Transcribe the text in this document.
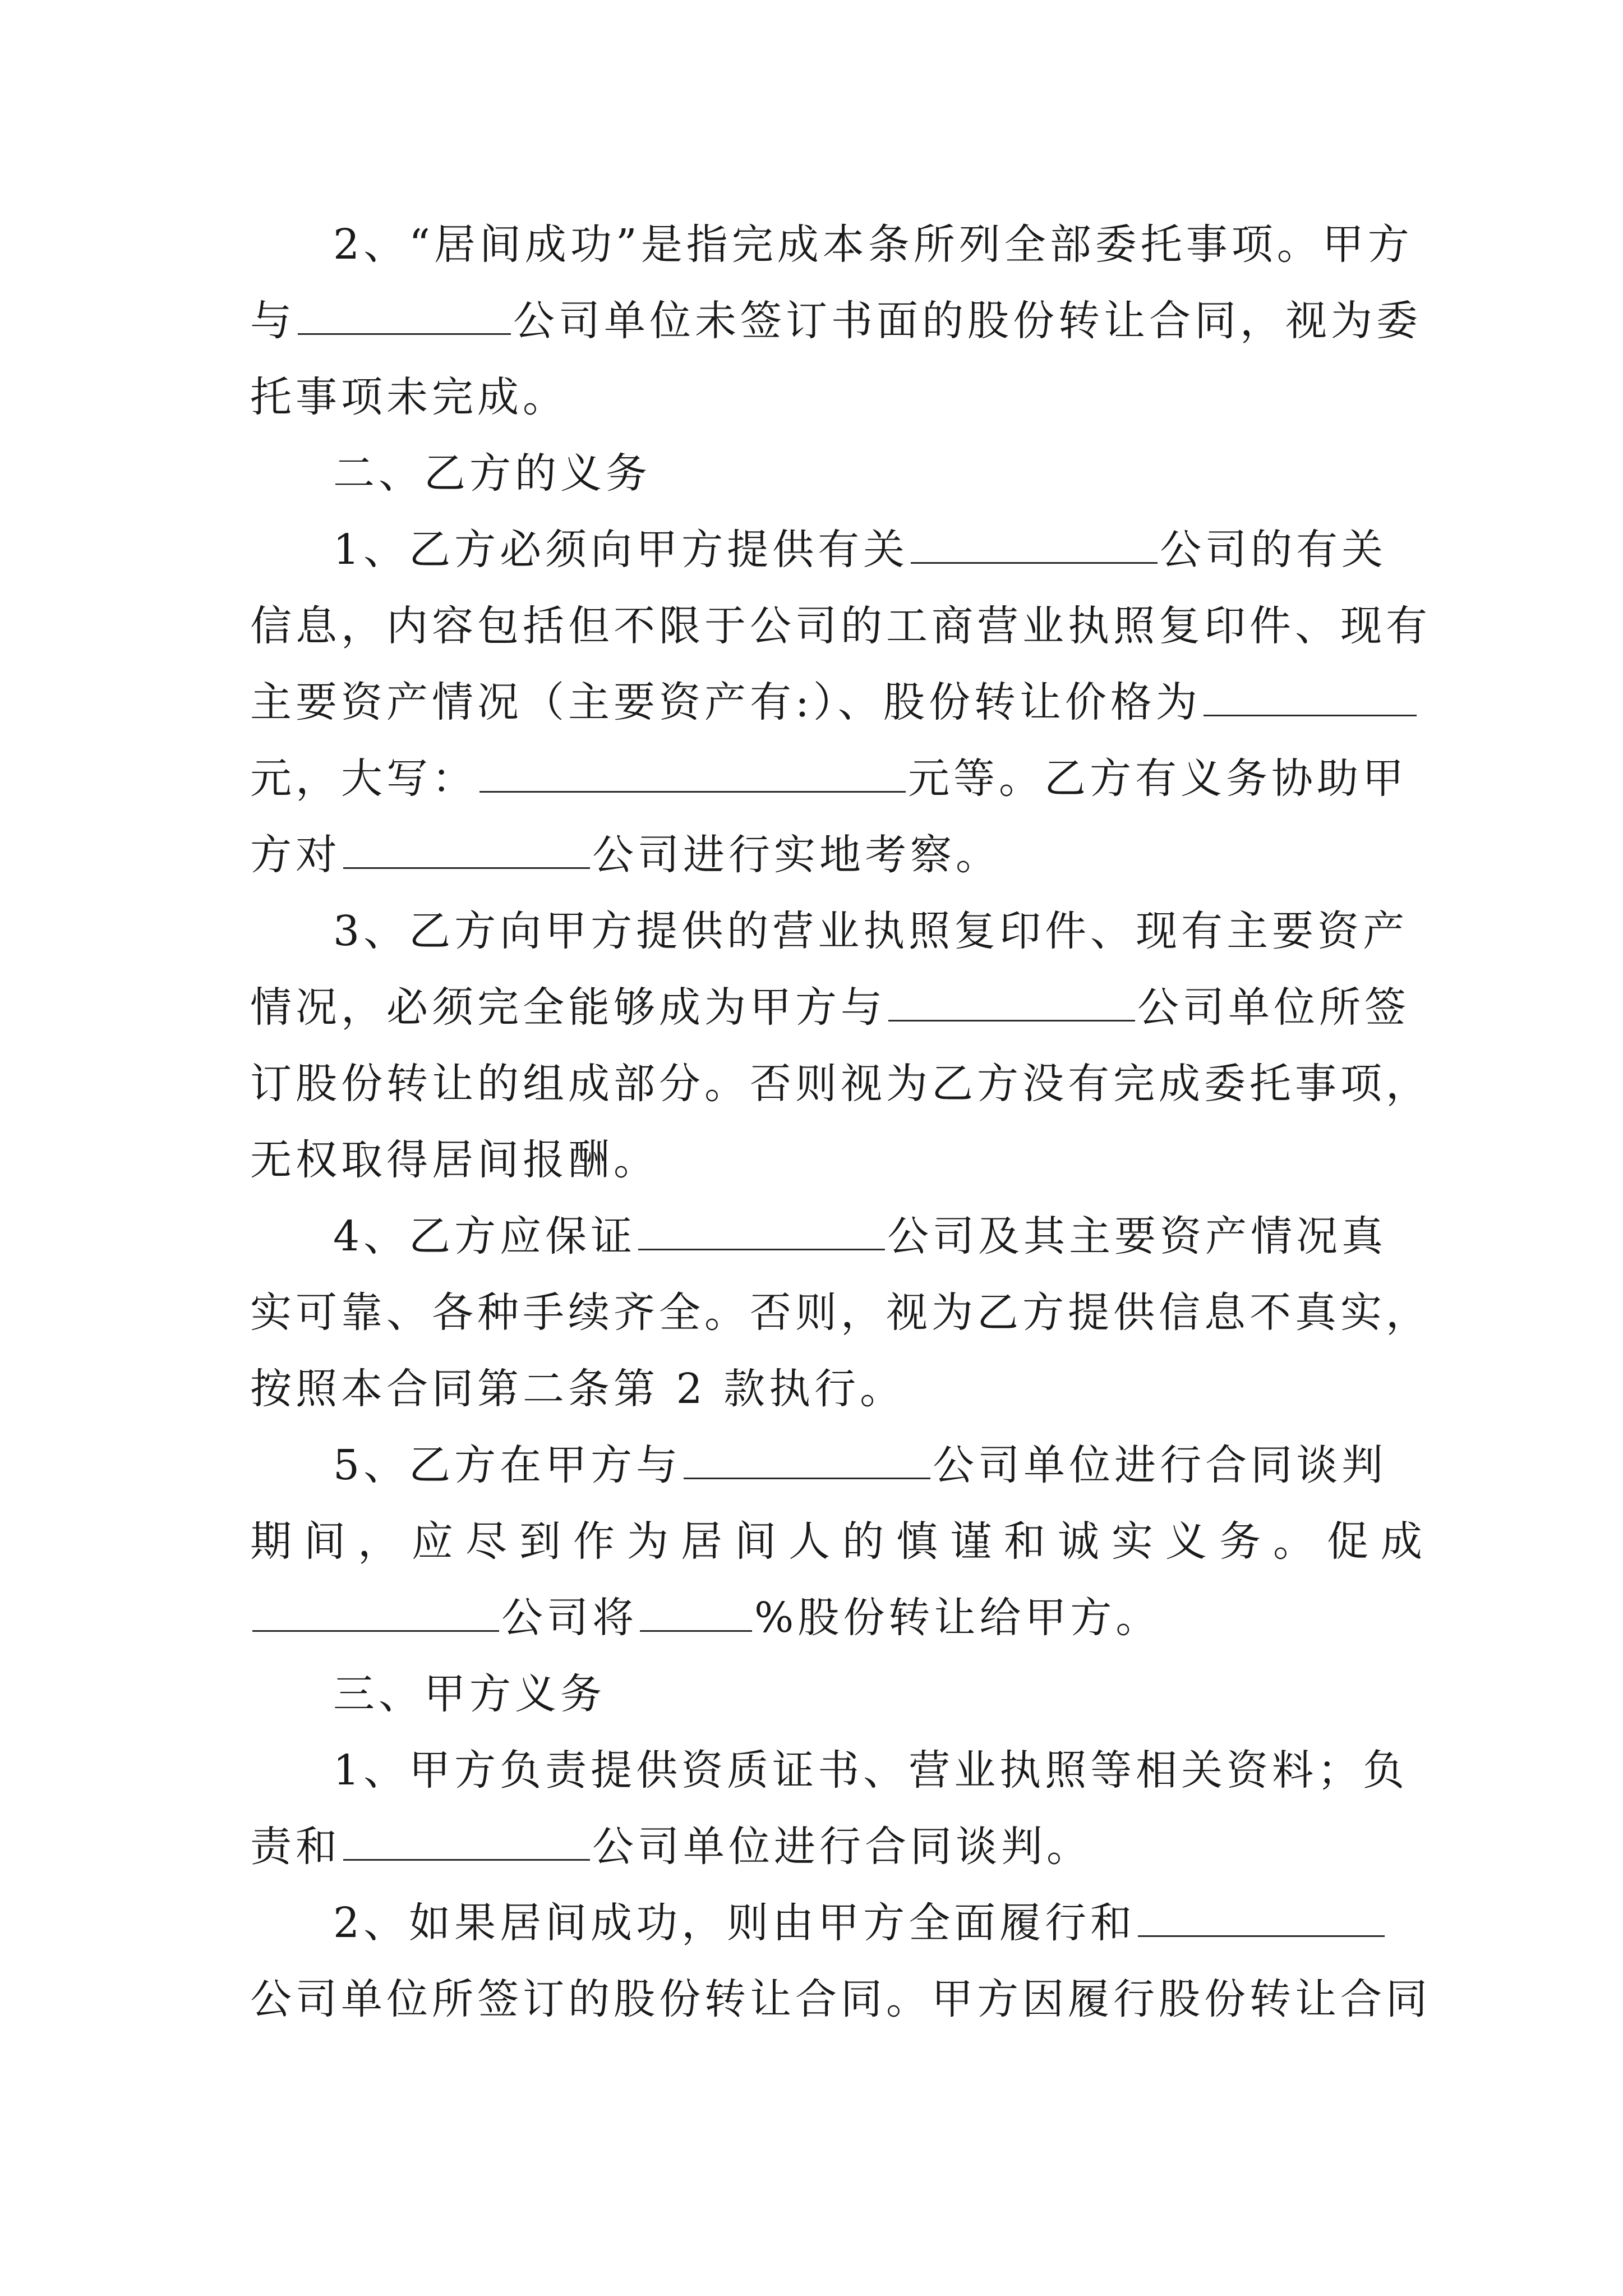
2、“居间成功”是指完成本条所列全部委托事项。甲方
与	公司单位未签订书面的股份转让合同，视为委
托事项未完成。
二、乙方的义务
1、乙方必须向甲方提供有关	公司的有关
信息，内容包括但不限于公司的工商营业执照复印件、现有
主要资产情况（主要资产有:）、股份转让价格为
元，大写：	元等。乙方有义务协助甲
方对	公司进行实地考察。
3、乙方向甲方提供的营业执照复印件、现有主要资产
情况，必须完全能够成为甲方与	公司单位所签
订股份转让的组成部分。否则视为乙方没有完成委托事项，
无权取得居间报酬。
4、乙方应保证	公司及其主要资产情况真
实可靠、各种手续齐全。否则，视为乙方提供信息不真实，
按照本合同第二条第 2 款执行。
5、乙方在甲方与	公司单位进行合同谈判
期间，应尽到作为居间人的慎谨和诚实义务。促成
公司将	%股份转让给甲方。
三、甲方义务
1、甲方负责提供资质证书、营业执照等相关资料；负
责和	公司单位进行合同谈判。
2、如果居间成功，则由甲方全面履行和
公司单位所签订的股份转让合同。甲方因履行股份转让合同
